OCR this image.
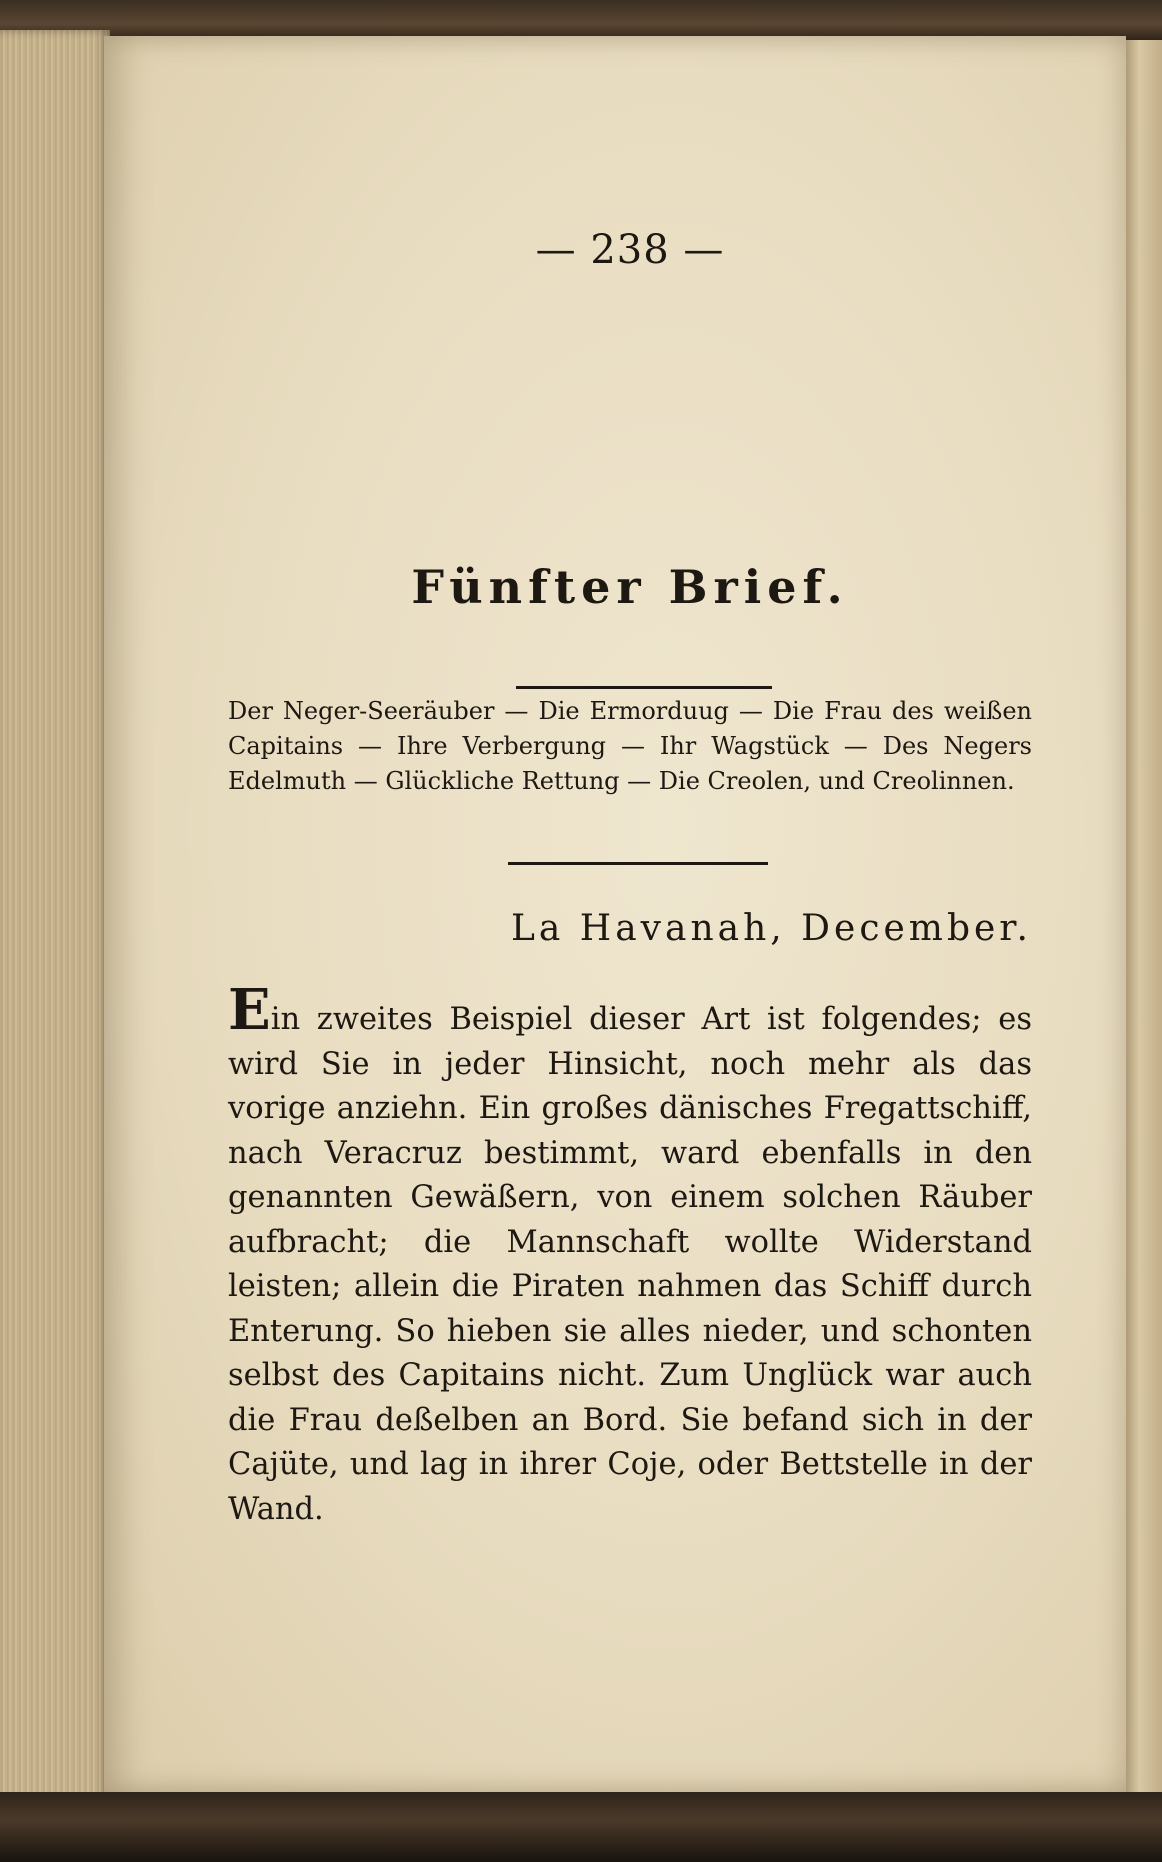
— 238 —
Fünfter Brief.
Der Neger-Seeräuber — Die Ermorduug — Die Frau des weißen Capitains — Ihre Verbergung — Ihr Wagstück — Des Negers Edelmuth — Glückliche Rettung — Die Creolen, und Creolinnen.
La Havanah, December.
Ein zweites Beispiel dieser Art ist folgendes; es wird Sie in jeder Hinsicht, noch mehr als das vorige anziehn. Ein großes dänisches Fregattschiff, nach Veracruz bestimmt, ward ebenfalls in den genannten Gewäßern, von einem solchen Räuber aufbracht; die Mannschaft wollte Widerstand leisten; allein die Piraten nahmen das Schiff durch Enterung. So hieben sie alles nieder, und schonten selbst des Capitains nicht. Zum Unglück war auch die Frau deßelben an Bord. Sie befand sich in der Cajüte, und lag in ihrer Coje, oder Bettstelle in der Wand.
